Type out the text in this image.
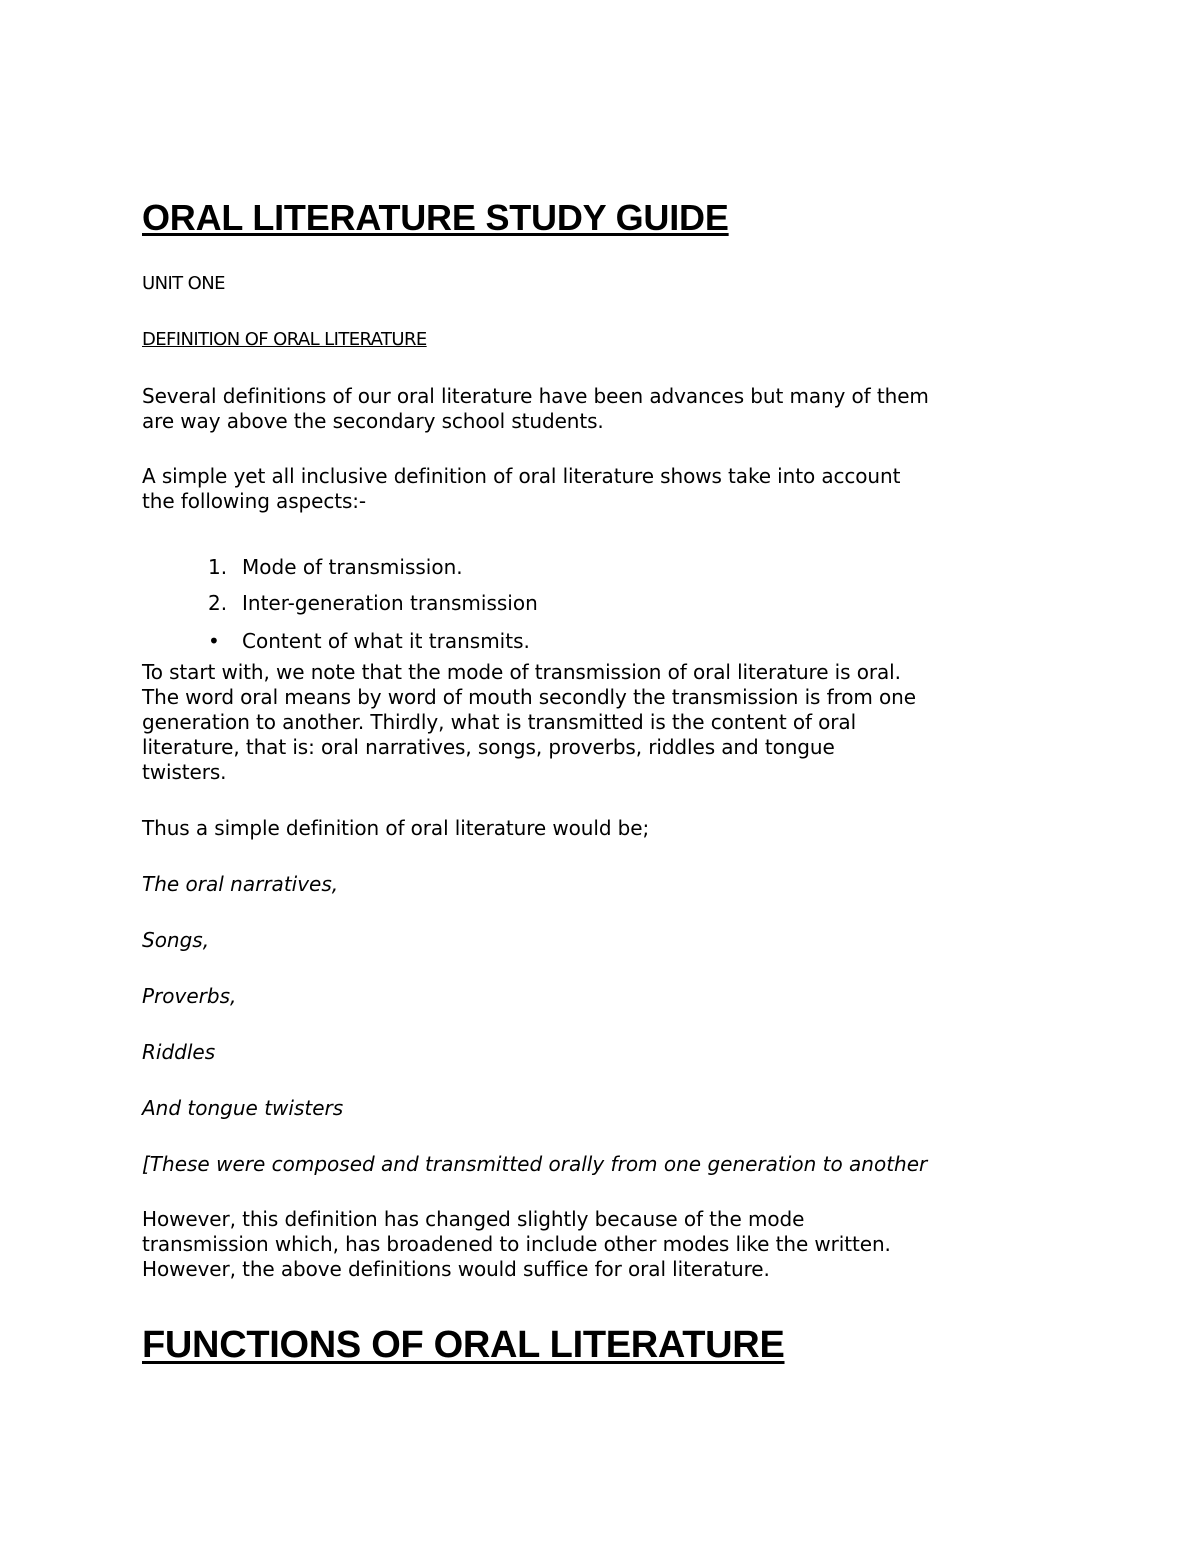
ORAL LITERATURE STUDY GUIDE
UNIT ONE
DEFINITION OF ORAL LITERATURE
Several definitions of our oral literature have been advances but many of them
are way above the secondary school students.
A simple yet all inclusive definition of oral literature shows take into account
the following aspects:-
1. Mode of transmission.
2. Inter-generation transmission
•	Content of what it transmits.
To start with, we note that the mode of transmission of oral literature is oral.
The word oral means by word of mouth secondly the transmission is from one
generation to another. Thirdly, what is transmitted is the content of oral
literature, that is: oral narratives, songs, proverbs, riddles and tongue
twisters.
Thus a simple definition of oral literature would be;
The oral narratives,
Songs,
Proverbs,
Riddles
And tongue twisters
[These were composed and transmitted orally from one generation to another
However, this definition has changed slightly because of the mode
transmission which, has broadened to include other modes like the written.
However, the above definitions would suffice for oral literature.
FUNCTIONS OF ORAL LITERATURE
